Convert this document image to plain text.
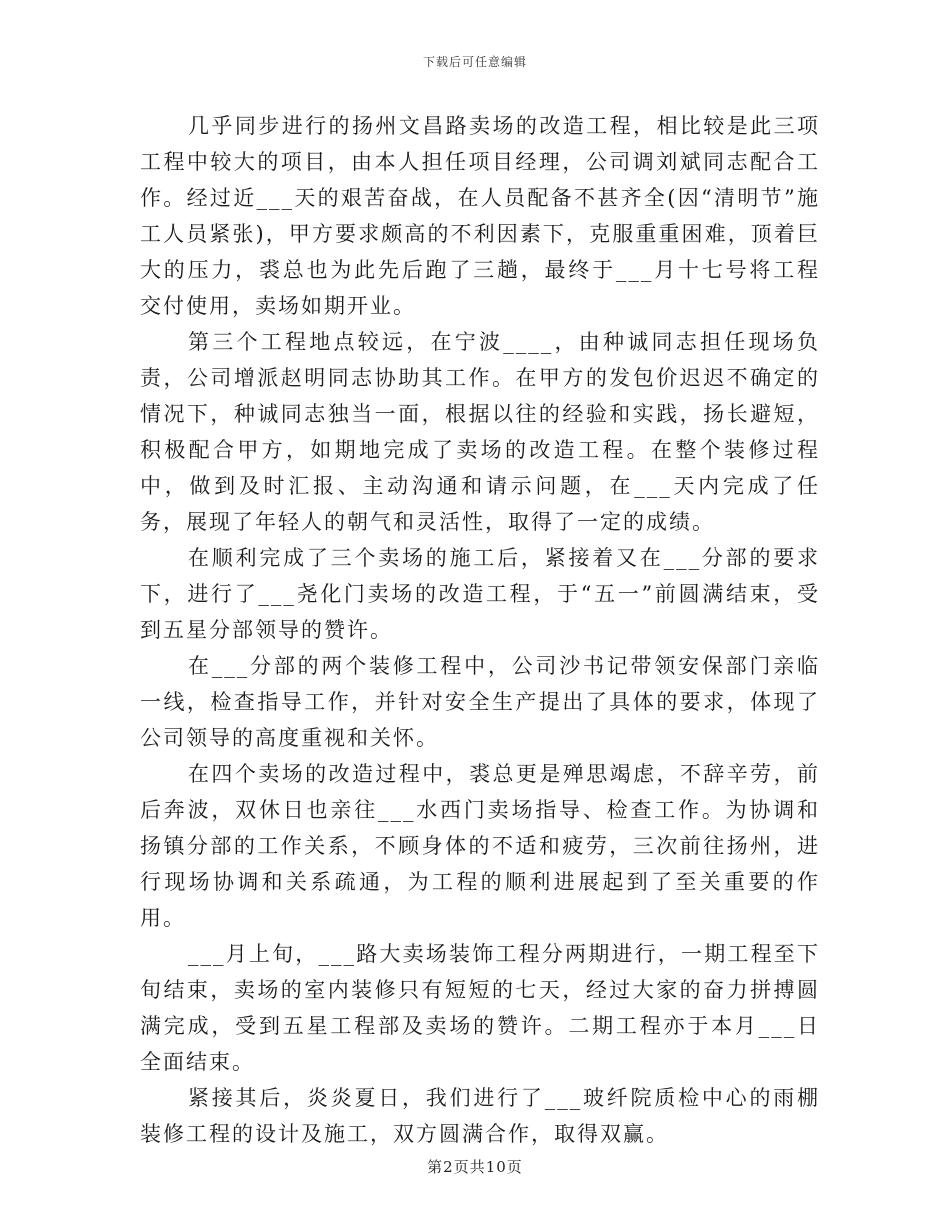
下载后可任意编辑

几乎同步进行的扬州文昌路卖场的改造工程，相比较是此三项工程中较大的项目，由本人担任项目经理，公司调刘斌同志配合工作。经过近___天的艰苦奋战，在人员配备不甚齐全(因“清明节”施工人员紧张)，甲方要求颇高的不利因素下，克服重重困难，顶着巨大的压力，裘总也为此先后跑了三趟，最终于___月十七号将工程交付使用，卖场如期开业。

第三个工程地点较远，在宁波____，由种诚同志担任现场负责，公司增派赵明同志协助其工作。在甲方的发包价迟迟不确定的情况下，种诚同志独当一面，根据以往的经验和实践，扬长避短，积极配合甲方，如期地完成了卖场的改造工程。在整个装修过程中，做到及时汇报、主动沟通和请示问题，在___天内完成了任务，展现了年轻人的朝气和灵活性，取得了一定的成绩。

在顺利完成了三个卖场的施工后，紧接着又在___分部的要求下，进行了___尧化门卖场的改造工程，于“五一”前圆满结束，受到五星分部领导的赞许。

在___分部的两个装修工程中，公司沙书记带领安保部门亲临一线，检查指导工作，并针对安全生产提出了具体的要求，体现了公司领导的高度重视和关怀。

在四个卖场的改造过程中，裘总更是殚思竭虑，不辞辛劳，前后奔波，双休日也亲往___水西门卖场指导、检查工作。为协调和扬镇分部的工作关系，不顾身体的不适和疲劳，三次前往扬州，进行现场协调和关系疏通，为工程的顺利进展起到了至关重要的作用。

___月上旬，___路大卖场装饰工程分两期进行，一期工程至下旬结束，卖场的室内装修只有短短的七天，经过大家的奋力拼搏圆满完成，受到五星工程部及卖场的赞许。二期工程亦于本月___日全面结束。

紧接其后，炎炎夏日，我们进行了___玻纤院质检中心的雨棚装修工程的设计及施工，双方圆满合作，取得双赢。

第2页共10页
